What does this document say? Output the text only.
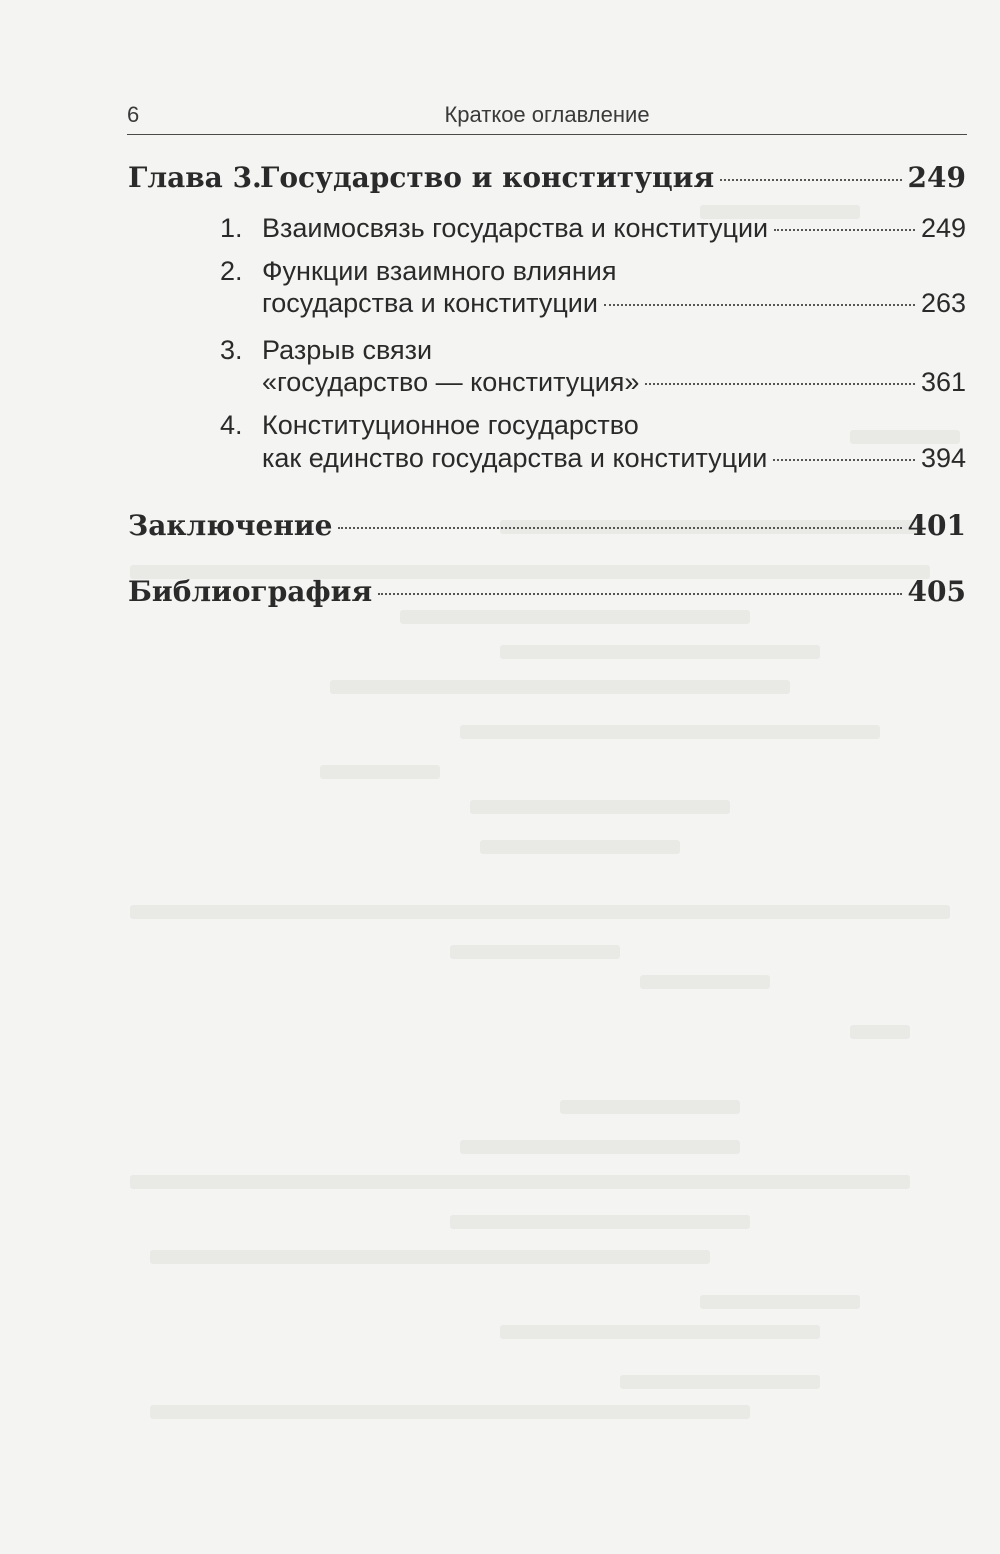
6	Краткое оглавление
Глава 3.
Государство и конституция	249
1. Взаимосвязь государства и конституции	249
2. Функции взаимного влияния
государства и конституции	263
3. Разрыв связи
«государство — конституция»	361
4. Конституционное государство
как единство государства и конституции	394
Заключение	401
Библиография	405
